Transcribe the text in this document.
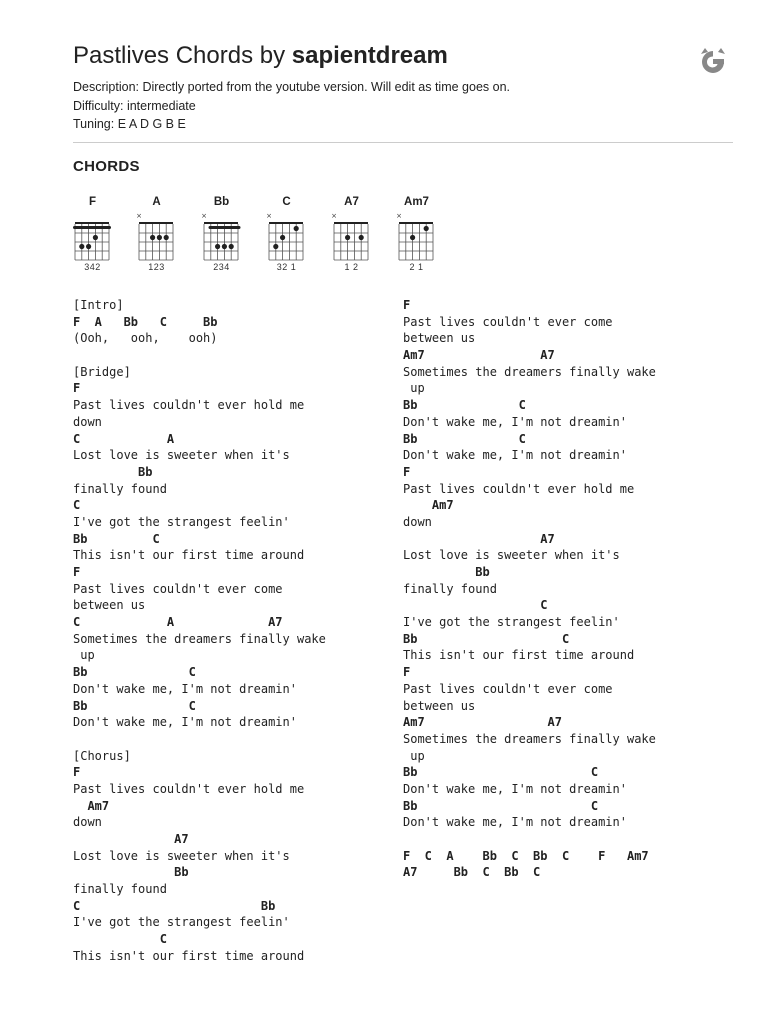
Pastlives Chords by sapientdream
Description: Directly ported from the youtube version. Will edit as time goes on.
Difficulty: intermediate
Tuning: E A D G B E
CHORDS
F
342
A
×
123
Bb
×
234
C
×
32 1
A7
×
1 2
Am7
×
2 1
[Intro]
F  A   Bb   C     Bb
(Ooh,   ooh,    ooh)
[Bridge]
F
Past lives couldn't ever hold me
down
C            A
Lost love is sweeter when it's
Bb
finally found
C
I've got the strangest feelin'
Bb         C
This isn't our first time around
F
Past lives couldn't ever come
between us
C            A             A7
Sometimes the dreamers finally wake
up
Bb              C
Don't wake me, I'm not dreamin'
Bb              C
Don't wake me, I'm not dreamin'
[Chorus]
F
Past lives couldn't ever hold me
Am7
down
A7
Lost love is sweeter when it's
Bb
finally found
C                         Bb
I've got the strangest feelin'
C
This isn't our first time around
F
Past lives couldn't ever come
between us
Am7                A7
Sometimes the dreamers finally wake
up
Bb              C
Don't wake me, I'm not dreamin'
Bb              C
Don't wake me, I'm not dreamin'
F
Past lives couldn't ever hold me
Am7
down
A7
Lost love is sweeter when it's
Bb
finally found
C
I've got the strangest feelin'
Bb                    C
This isn't our first time around
F
Past lives couldn't ever come
between us
Am7                 A7
Sometimes the dreamers finally wake
up
Bb                        C
Don't wake me, I'm not dreamin'
Bb                        C
Don't wake me, I'm not dreamin'
F  C  A    Bb  C  Bb  C    F   Am7
A7     Bb  C  Bb  C
